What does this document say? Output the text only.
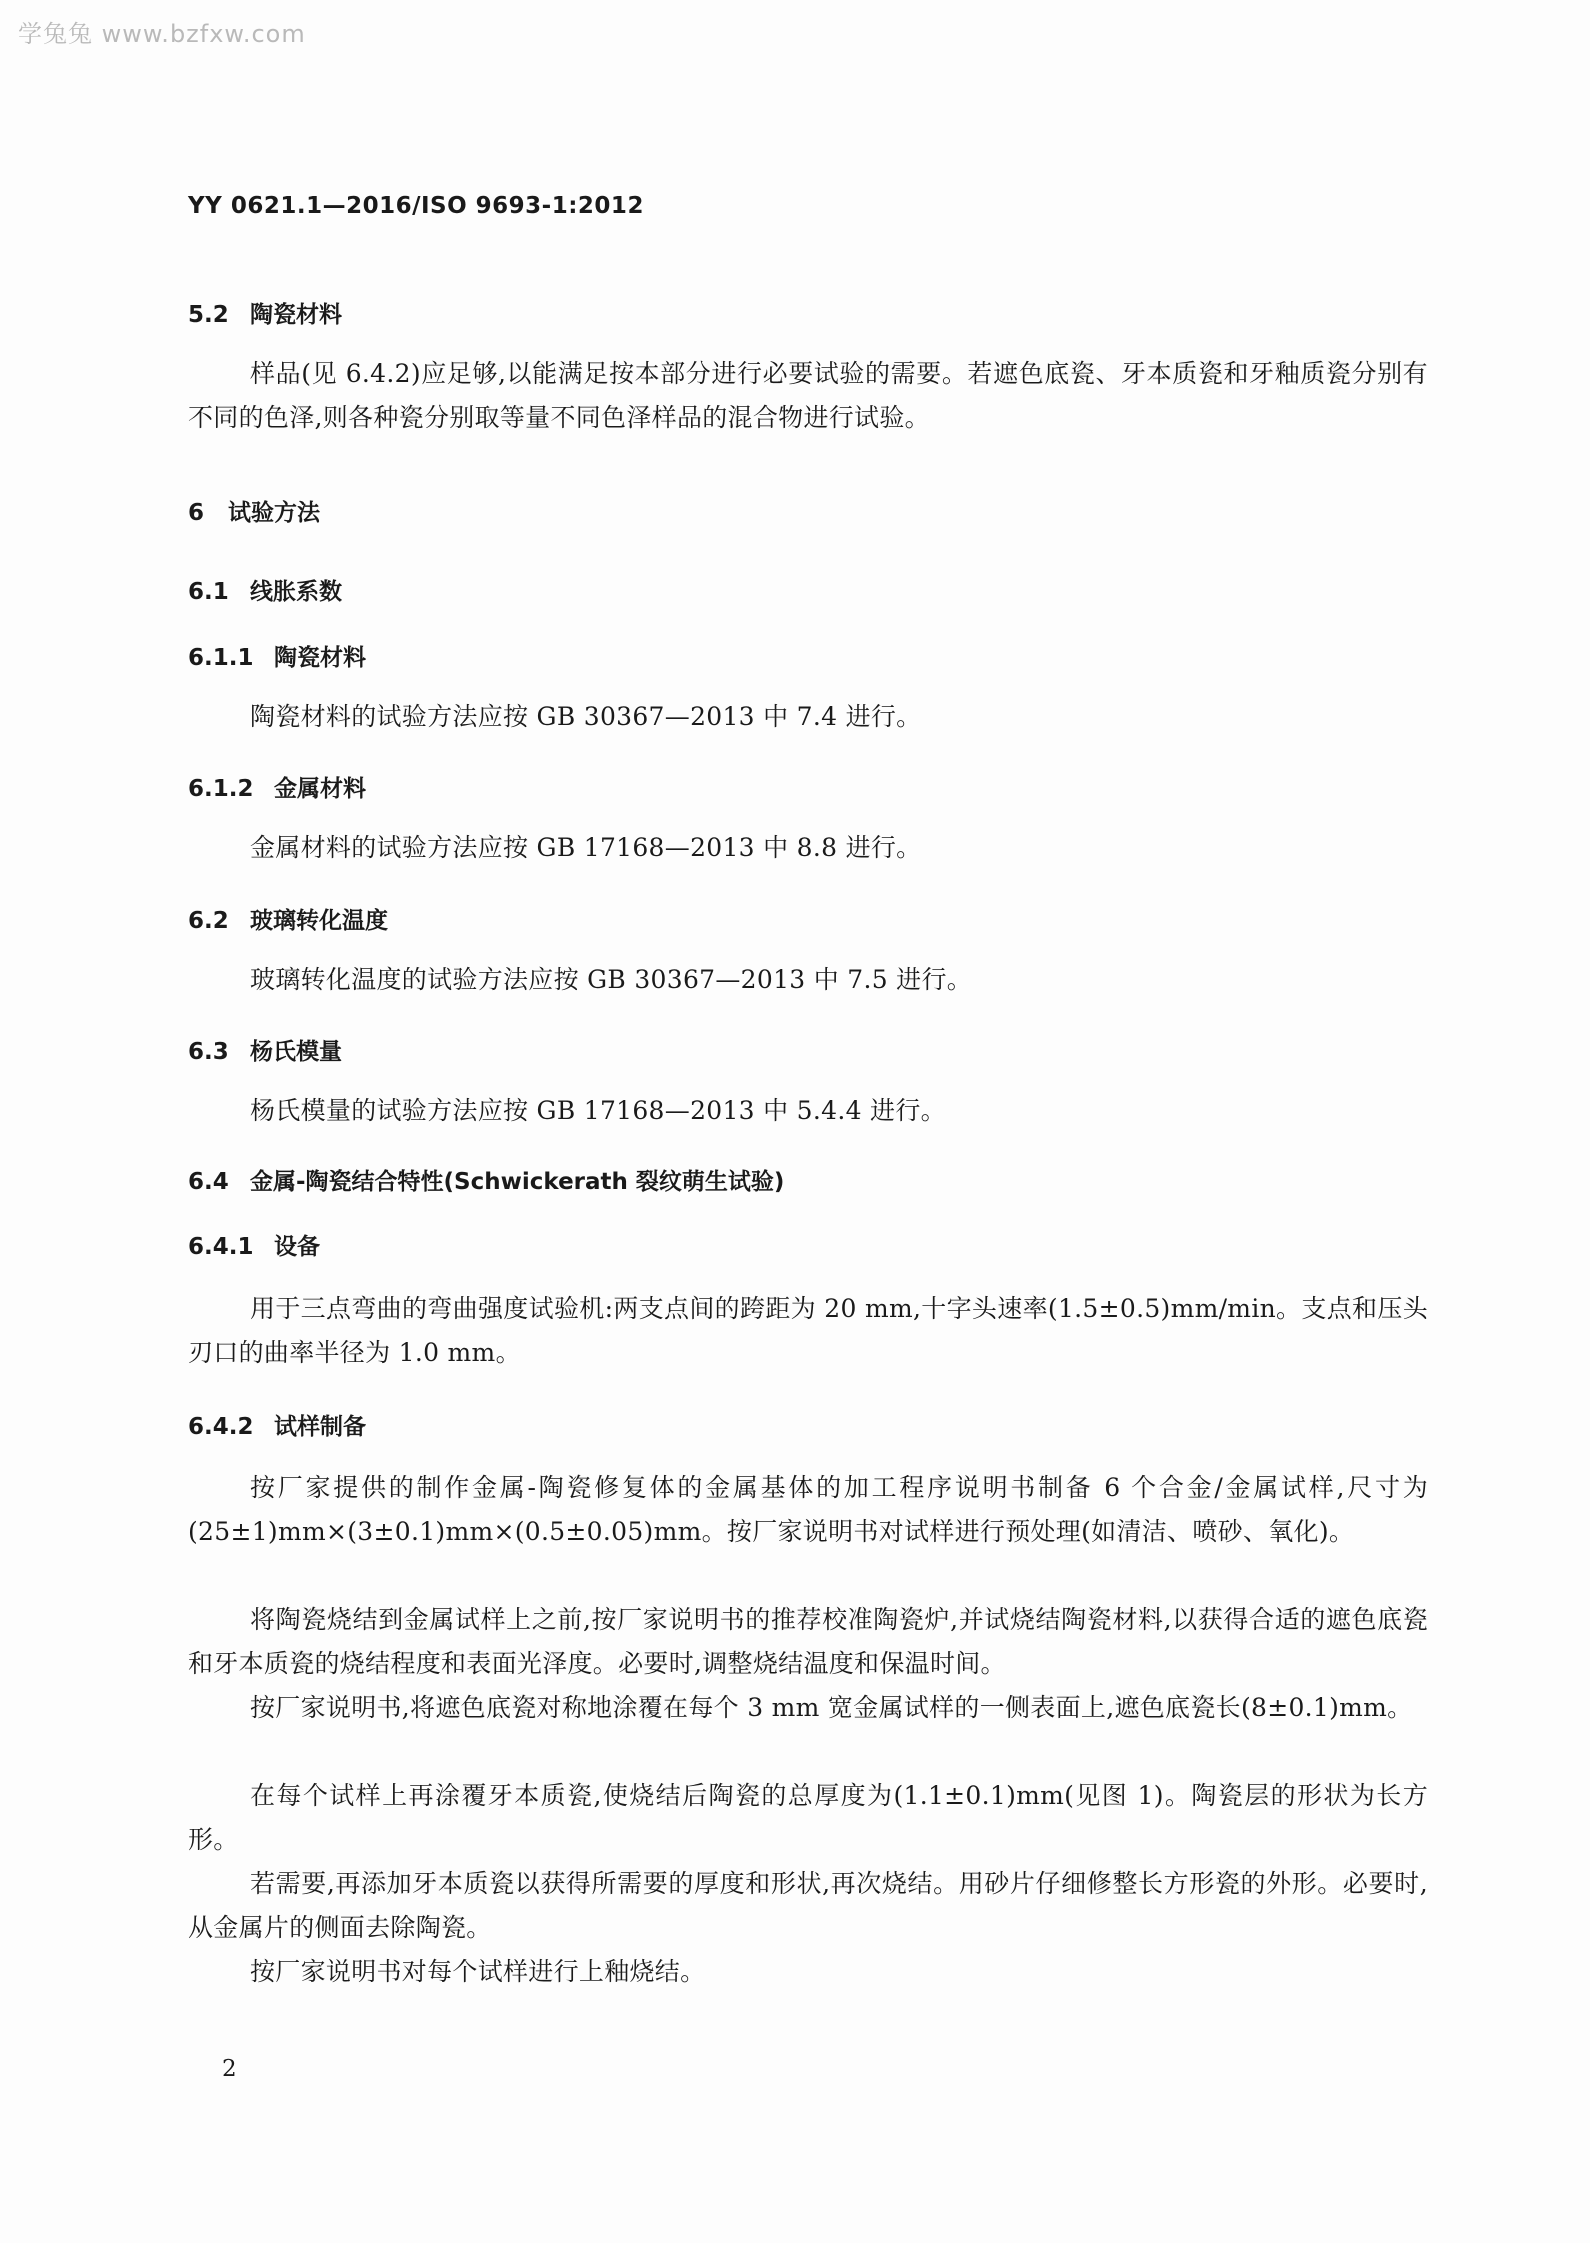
学兔兔 www.bzfxw.com
YY 0621.1—2016/ISO 9693-1:2012
5.2 陶瓷材料
样品(见 6.4.2)应足够,以能满足按本部分进行必要试验的需要。若遮色底瓷、牙本质瓷和牙釉质瓷分别有不同的色泽,则各种瓷分别取等量不同色泽样品的混合物进行试验。
6 试验方法
6.1 线胀系数
6.1.1 陶瓷材料
陶瓷材料的试验方法应按 GB 30367—2013 中 7.4 进行。
6.1.2 金属材料
金属材料的试验方法应按 GB 17168—2013 中 8.8 进行。
6.2 玻璃转化温度
玻璃转化温度的试验方法应按 GB 30367—2013 中 7.5 进行。
6.3 杨氏模量
杨氏模量的试验方法应按 GB 17168—2013 中 5.4.4 进行。
6.4 金属-陶瓷结合特性(Schwickerath 裂纹萌生试验)
6.4.1 设备
用于三点弯曲的弯曲强度试验机:两支点间的跨距为 20 mm,十字头速率(1.5±0.5)mm/min。支点和压头刃口的曲率半径为 1.0 mm。
6.4.2 试样制备
按厂家提供的制作金属-陶瓷修复体的金属基体的加工程序说明书制备 6 个合金/金属试样,尺寸为(25±1)mm×(3±0.1)mm×(0.5±0.05)mm。按厂家说明书对试样进行预处理(如清洁、喷砂、氧化)。
将陶瓷烧结到金属试样上之前,按厂家说明书的推荐校准陶瓷炉,并试烧结陶瓷材料,以获得合适的遮色底瓷和牙本质瓷的烧结程度和表面光泽度。必要时,调整烧结温度和保温时间。
按厂家说明书,将遮色底瓷对称地涂覆在每个 3 mm 宽金属试样的一侧表面上,遮色底瓷长(8±0.1)mm。
在每个试样上再涂覆牙本质瓷,使烧结后陶瓷的总厚度为(1.1±0.1)mm(见图 1)。陶瓷层的形状为长方形。
若需要,再添加牙本质瓷以获得所需要的厚度和形状,再次烧结。用砂片仔细修整长方形瓷的外形。必要时,从金属片的侧面去除陶瓷。
按厂家说明书对每个试样进行上釉烧结。
2
